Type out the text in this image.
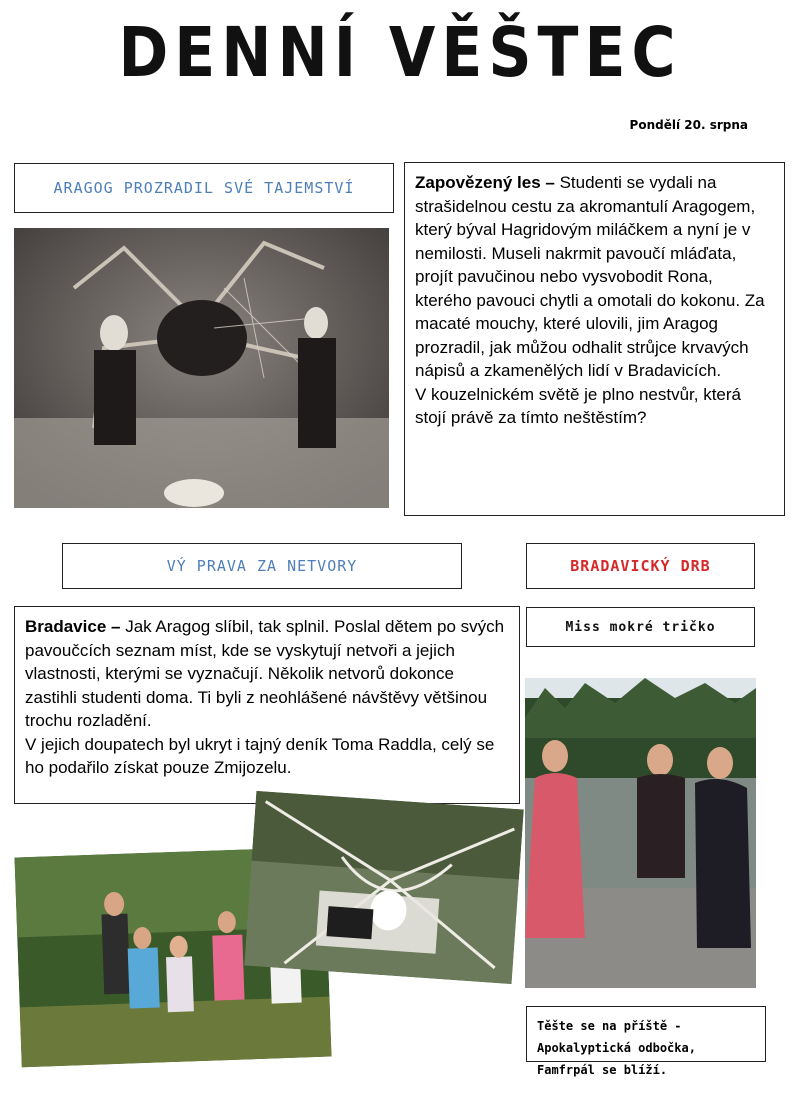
DENNÍ VĚŠTEC
Pondělí 20. srpna
ARAGOG PROZRADIL SVÉ TAJEMSTVÍ	Zapovězený les – Studenti se vydali na strašidelnou cestu za akromantulí Aragogem, který býval Hagridovým miláčkem a nyní je v nemilosti. Museli nakrmit pavoučí mláďata, projít pavučinou nebo vysvobodit Rona, kterého pavouci chytli a omotali do kokonu. Za macaté mouchy, které ulovili, jim Aragog prozradil, jak můžou odhalit strůjce krvavých nápisů a zkamenělých lidí v Bradavicích.
V kouzelnickém světě je plno nestvůr, která stojí právě za tímto neštěstím?
VÝ PRAVA ZA NETVORY	BRADAVICKÝ DRB
Bradavice – Jak Aragog slíbil, tak splnil. Poslal dětem po svých pavoučcích seznam míst, kde se vyskytují netvoři a jejich vlastnosti, kterými se vyznačují. Několik netvorů dokonce zastihli studenti doma. Ti byli z neohlášené návštěvy většinou trochu rozladění.
V jejich doupatech byl ukryt i tajný deník Toma Raddla, celý se ho podařilo získat pouze Zmijozelu.
Miss mokré tričko
Těšte se na příště - Apokalyptická odbočka, Famfrpál se blíží.
